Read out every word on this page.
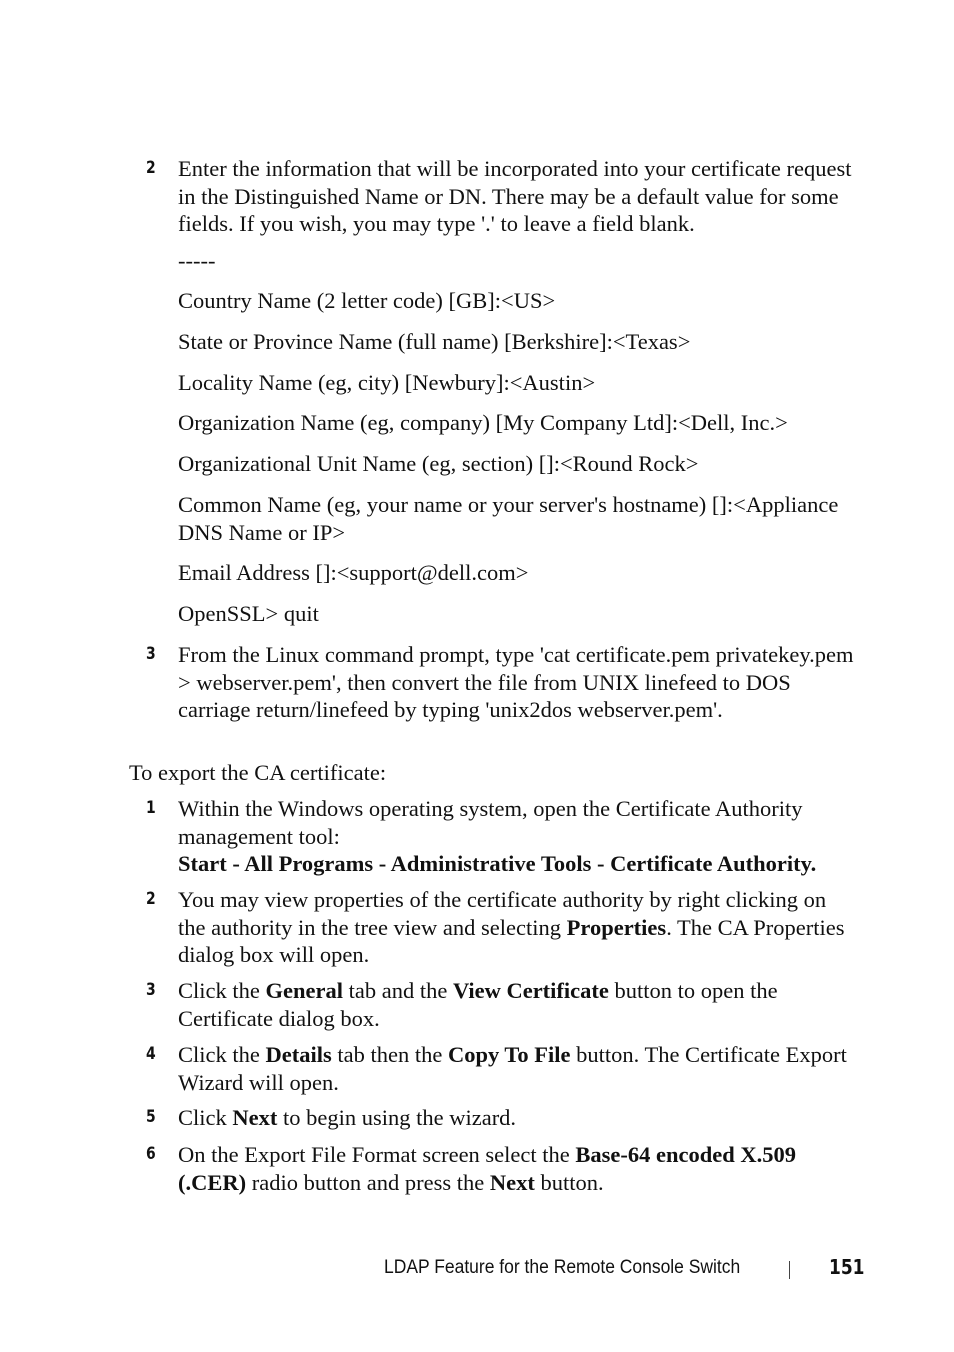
2 Enter the information that will be incorporated into your certificate request in the Distinguished Name or DN. There may be a default value for some fields. If you wish, you may type '.' to leave a field blank.
-----
Country Name (2 letter code) [GB]:<US>
State or Province Name (full name) [Berkshire]:<Texas>
Locality Name (eg, city) [Newbury]:<Austin>
Organization Name (eg, company) [My Company Ltd]:<Dell, Inc.>
Organizational Unit Name (eg, section) []:<Round Rock>
Common Name (eg, your name or your server's hostname) []:<Appliance DNS Name or IP>
Email Address []:<support@dell.com>
OpenSSL> quit
3 From the Linux command prompt, type 'cat certificate.pem privatekey.pem > webserver.pem', then convert the file from UNIX linefeed to DOS carriage return/linefeed by typing 'unix2dos webserver.pem'.
To export the CA certificate:
1 Within the Windows operating system, open the Certificate Authority management tool:
Start - All Programs - Administrative Tools - Certificate Authority.
2 You may view properties of the certificate authority by right clicking on the authority in the tree view and selecting Properties. The CA Properties dialog box will open.
3 Click the General tab and the View Certificate button to open the Certificate dialog box.
4 Click the Details tab then the Copy To File button. The Certificate Export Wizard will open.
5 Click Next to begin using the wizard.
6 On the Export File Format screen select the Base-64 encoded X.509 (.CER) radio button and press the Next button.
LDAP Feature for the Remote Console Switch	151
